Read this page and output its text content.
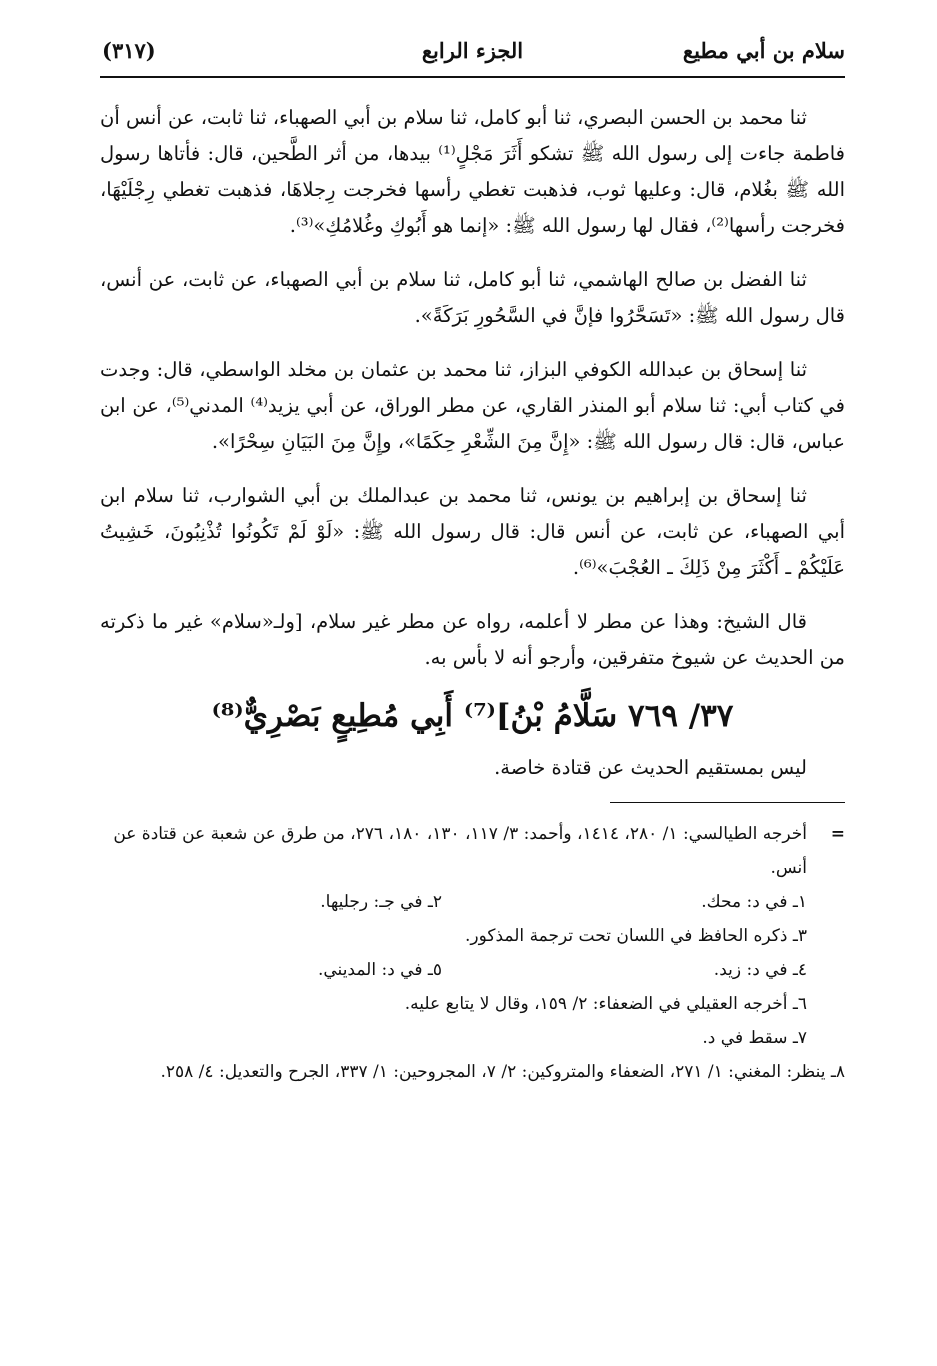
سلام بن أبي مطيع
الجزء الرابع
(٣١٧)

ثنا محمد بن الحسن البصري، ثنا أبو كامل، ثنا سلام بن أبي الصهباء، ثنا ثابت، عن أنس أن فاطمة جاءت إلى رسول الله ﷺ تشكو أَثَرَ مَجْلٍ⁽¹⁾ بيدها، من أثر الطَّحين، قال: فأتاها رسول الله ﷺ بغُلام، قال: وعليها ثوب، فذهبت تغطي رأسها فخرجت رِجلاهَا، فذهبت تغطي رِجْلَيْهَا، فخرجت رأسها⁽²⁾، فقال لها رسول الله ﷺ: «إنما هو أَبُوكِ وغُلامُكِ»⁽³⁾.

ثنا الفضل بن صالح الهاشمي، ثنا أبو كامل، ثنا سلام بن أبي الصهباء، عن ثابت، عن أنس، قال رسول الله ﷺ: «تَسَحَّرُوا فإنَّ في السَّحُورِ بَرَكَةً».

ثنا إسحاق بن عبدالله الكوفي البزاز، ثنا محمد بن عثمان بن مخلد الواسطي، قال: وجدت في كتاب أبي: ثنا سلام أبو المنذر القاري، عن مطر الوراق، عن أبي يزيد⁽⁴⁾ المدني⁽⁵⁾، عن ابن عباس، قال: قال رسول الله ﷺ: «إِنَّ مِنَ الشِّعْرِ حِكَمًا»، وإِنَّ مِنَ البَيَانِ سِحْرًا».

ثنا إسحاق بن إبراهيم بن يونس، ثنا محمد بن عبدالملك بن أبي الشوارب، ثنا سلام ابن أبي الصهباء، عن ثابت، عن أنس قال: قال رسول الله ﷺ: «لَوْ لَمْ تَكُونُوا تُذْنِبُونَ، خَشِيتُ عَلَيْكُمْ ـ أَكْثَرَ مِنْ ذَلِكَ ـ العُجْبَ»⁽⁶⁾.

قال الشيخ: وهذا عن مطر لا أعلمه، رواه عن مطر غير سلام، [ولـ«سلام» غير ما ذكرته من الحديث عن شيوخ متفرقين، وأرجو أنه لا بأس به.

٣٧/ ٧٦٩ سَلَّامُ بْنُ]⁽⁷⁾ أَبِي مُطِيعٍ بَصْرِيٌّ⁽⁸⁾

ليس بمستقيم الحديث عن قتادة خاصة.

=
أخرجه الطيالسي: ١/ ٢٨٠، ١٤١٤، وأحمد: ٣/ ١١٧، ١٣٠، ١٨٠، ٢٧٦، من طرق عن شعبة عن قتادة عن أنس.
١ـ في د: محك.
٢ـ في جـ: رجليها.
٣ـ ذكره الحافظ في اللسان تحت ترجمة المذكور.
٤ـ في د: زيد.
٥ـ في د: المديني.
٦ـ أخرجه العقيلي في الضعفاء: ٢/ ١٥٩، وقال لا يتابع عليه.
٧ـ سقط في د.
٨ـ ينظر: المغني: ١/ ٢٧١، الضعفاء والمتروكين: ٢/ ٧، المجروحين: ١/ ٣٣٧، الجرح والتعديل: ٤/ ٢٥٨.
